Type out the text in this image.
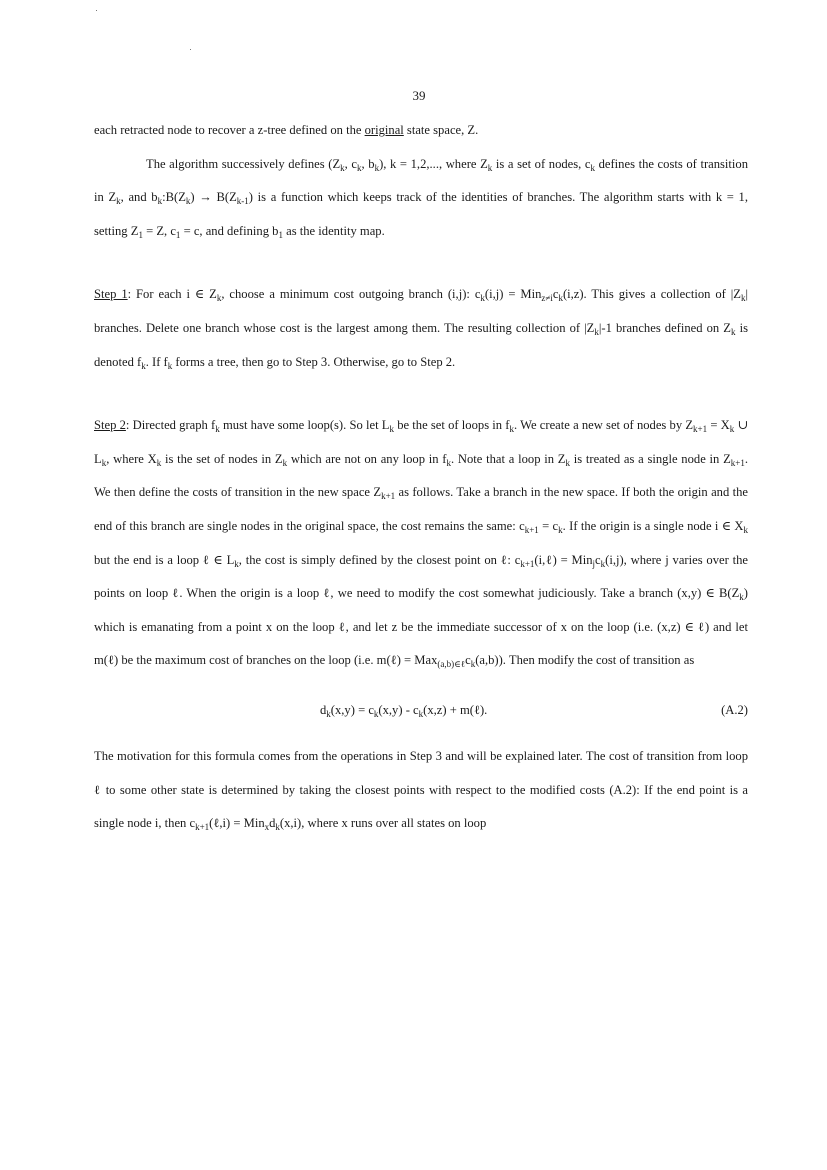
39

each retracted node to recover a z-tree defined on the original state space, Z.

The algorithm successively defines ($Z_k$, $c_k$, $b_k$), k = 1,2,..., where $Z_k$ is a set of nodes, $c_k$ defines the costs of transition in $Z_k$, and $b_k:B(Z_k) \to B(Z_{k-1})$ is a function which keeps track of the identities of branches. The algorithm starts with k = 1, setting $Z_1 = Z$, $c_1 = c$, and defining $b_1$ as the identity map.

Step 1: For each i ∈ $Z_k$, choose a minimum cost outgoing branch (i,j): $c_k(i,j) = Min_{z\ne i}c_k(i,z)$. This gives a collection of $|Z_k|$ branches. Delete one branch whose cost is the largest among them. The resulting collection of $|Z_k|-1$ branches defined on $Z_k$ is denoted $f_k$. If $f_k$ forms a tree, then go to Step 3. Otherwise, go to Step 2.

Step 2: Directed graph $f_k$ must have some loop(s). So let $L_k$ be the set of loops in $f_k$. We create a new set of nodes by $Z_{k+1} = X_k$ ∪ $L_k$, where $X_k$ is the set of nodes in $Z_k$ which are not on any loop in $f_k$. Note that a loop in $Z_k$ is treated as a single node in $Z_{k+1}$. We then define the costs of transition in the new space $Z_{k+1}$ as follows. Take a branch in the new space. If both the origin and the end of this branch are single nodes in the original space, the cost remains the same: $c_{k+1} = c_k$. If the origin is a single node i ∈ $X_k$ but the end is a loop ℓ ∈ $L_k$, the cost is simply defined by the closest point on ℓ: $c_{k+1}(i,\ell) = Min_jc_k(i,j)$, where j varies over the points on loop ℓ. When the origin is a loop ℓ, we need to modify the cost somewhat judiciously. Take a branch (x,y) ∈ $B(Z_k)$ which is emanating from a point x on the loop ℓ, and let z be the immediate successor of x on the loop (i.e. (x,z) ∈ ℓ) and let m(ℓ) be the maximum cost of branches on the loop (i.e. m(ℓ) = $Max_{(a,b)\in\ell}c_k(a,b)$). Then modify the cost of transition as

$d_k(x,y) = c_k(x,y) - c_k(x,z)$ + m(ℓ).	(A.2)

The motivation for this formula comes from the operations in Step 3 and will be explained later. The cost of transition from loop ℓ to some other state is determined by taking the closest points with respect to the modified costs (A.2): If the end point is a single node i, then $c_{k+1}(\ell,i) = Min_xd_k(x,i)$, where x runs over all states on loop
